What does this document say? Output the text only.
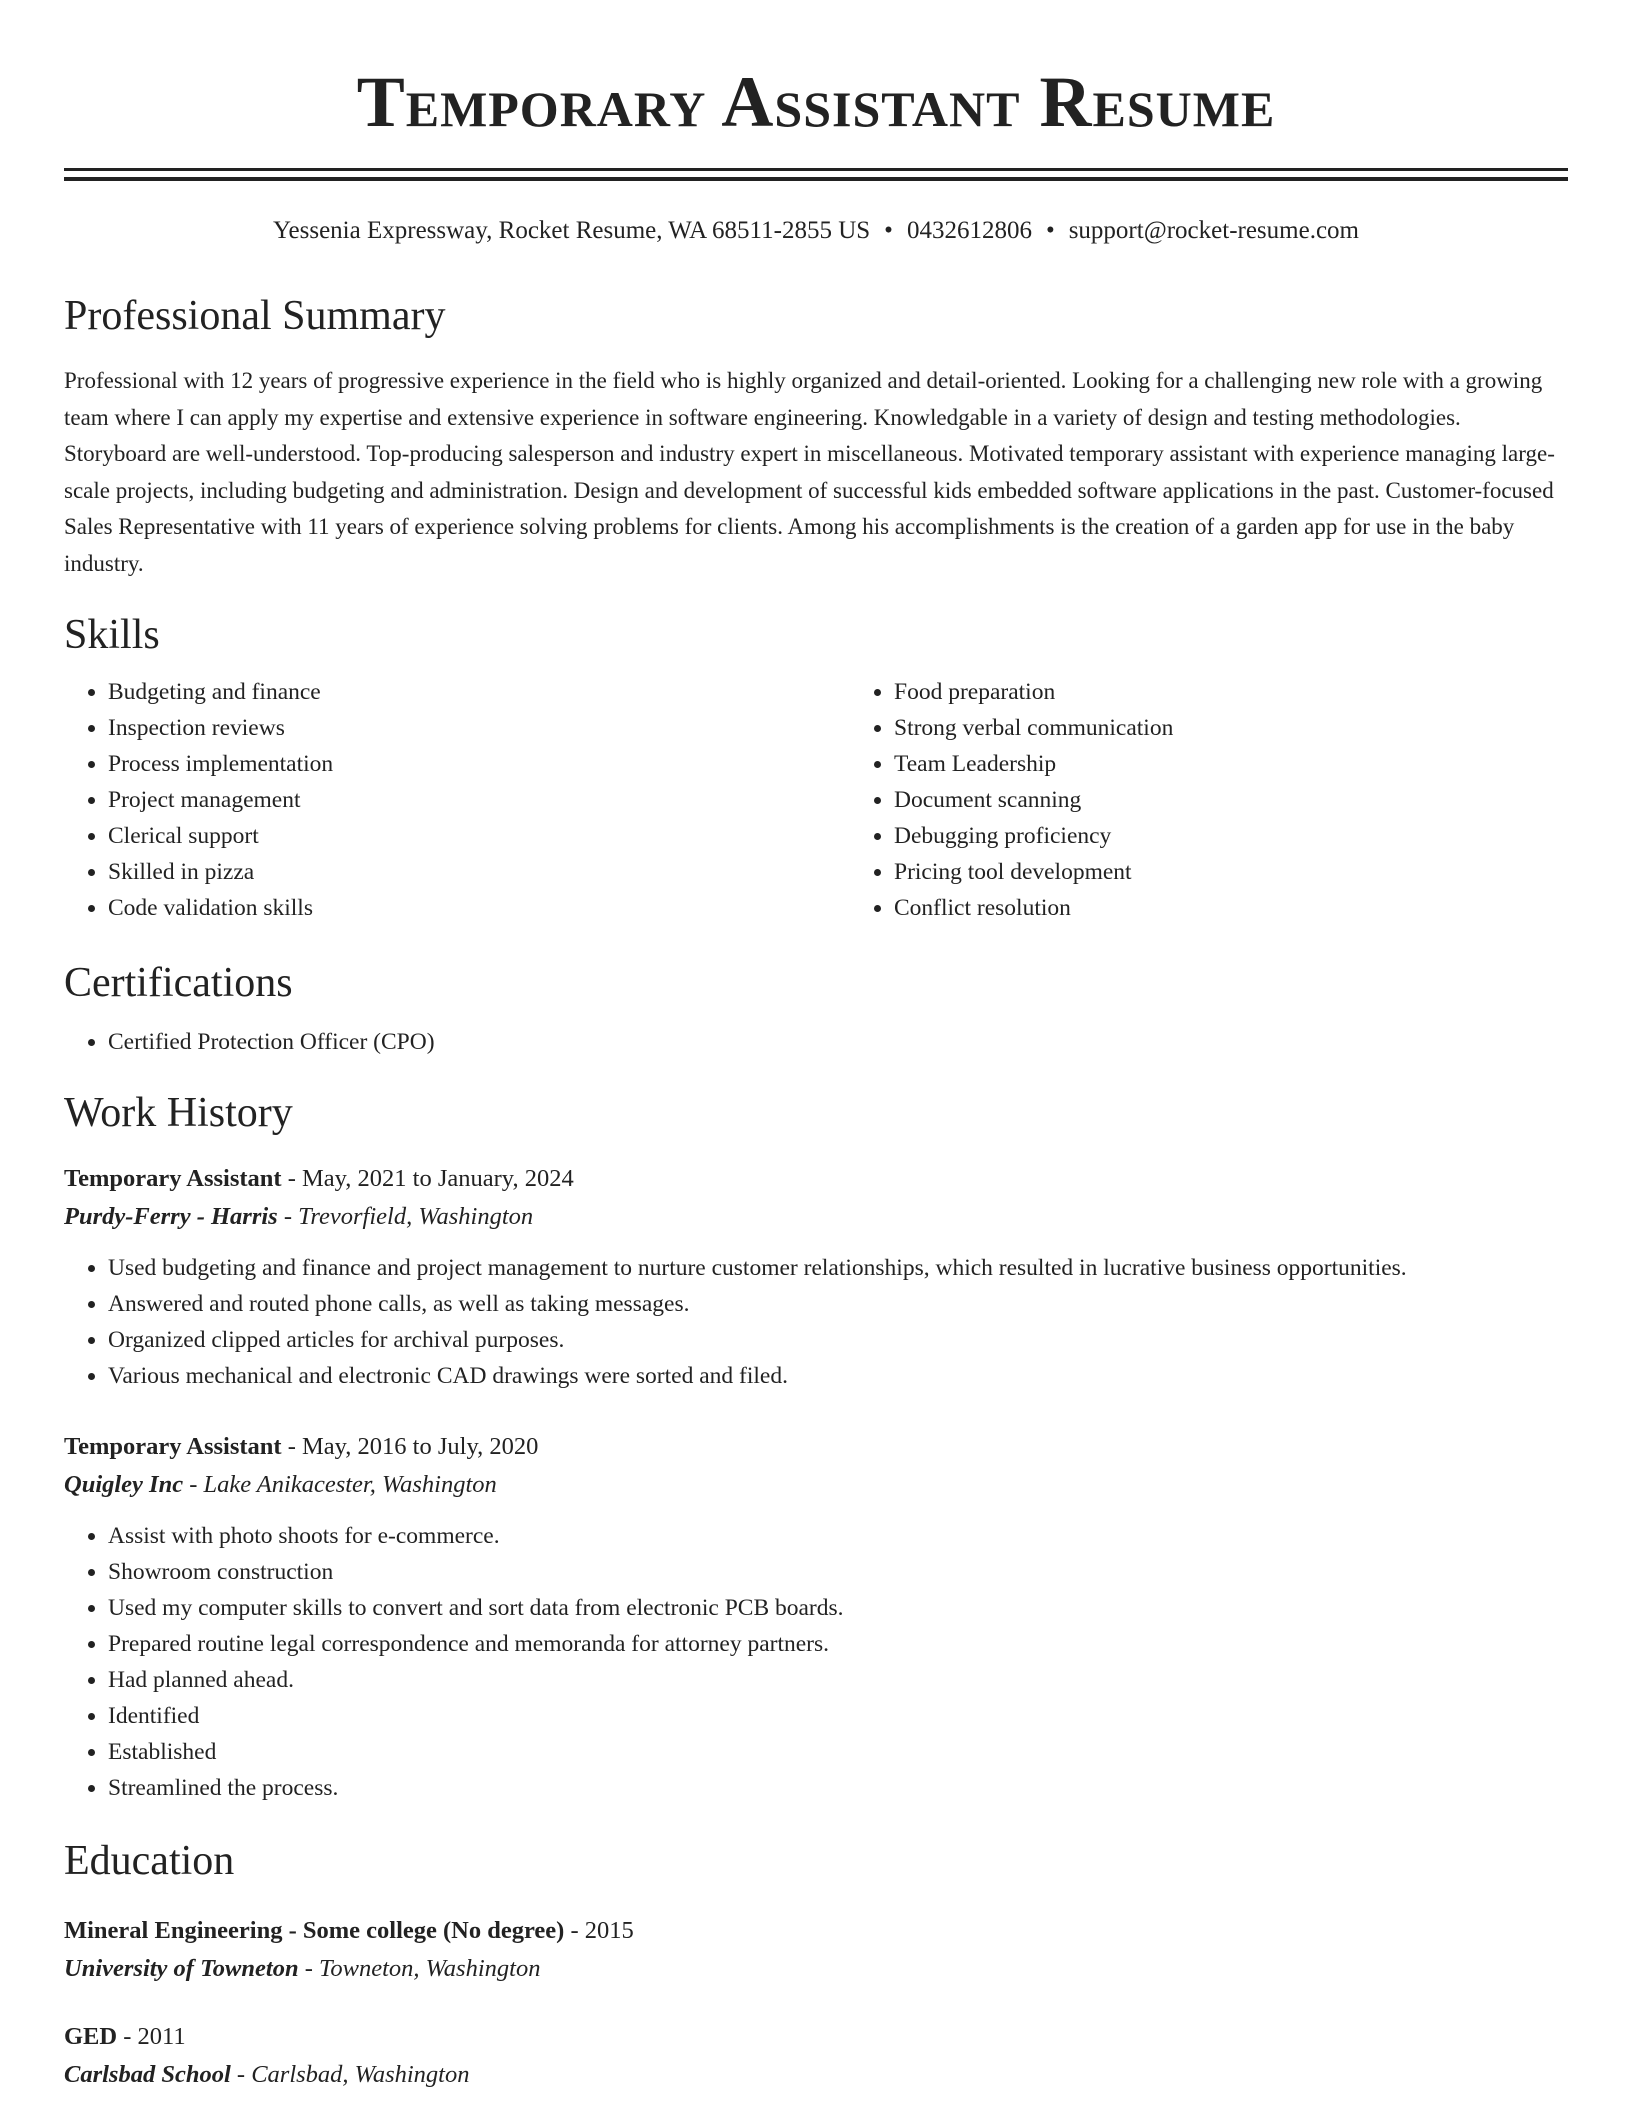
Temporary Assistant Resume
Yessenia Expressway, Rocket Resume, WA 68511-2855 US • 0432612806 • support@rocket-resume.com
Professional Summary

Professional with 12 years of progressive experience in the field who is highly organized and detail-oriented. Looking for a challenging new role with a growing team where I can apply my expertise and extensive experience in software engineering. Knowledgable in a variety of design and testing methodologies. Storyboard are well-understood. Top-producing salesperson and industry expert in miscellaneous. Motivated temporary assistant with experience managing large-scale projects, including budgeting and administration. Design and development of successful kids embedded software applications in the past. Customer-focused Sales Representative with 11 years of experience solving problems for clients. Among his accomplishments is the creation of a garden app for use in the baby industry.

Skills
• Budgeting and finance
• Inspection reviews
• Process implementation
• Project management
• Clerical support
• Skilled in pizza
• Code validation skills
• Food preparation
• Strong verbal communication
• Team Leadership
• Document scanning
• Debugging proficiency
• Pricing tool development
• Conflict resolution
Certifications
• Certified Protection Officer (CPO)
Work History
Temporary Assistant - May, 2021 to January, 2024
Purdy-Ferry - Harris - Trevorfield, Washington
• Used budgeting and finance and project management to nurture customer relationships, which resulted in lucrative business opportunities.
• Answered and routed phone calls, as well as taking messages.
• Organized clipped articles for archival purposes.
• Various mechanical and electronic CAD drawings were sorted and filed.
Temporary Assistant - May, 2016 to July, 2020
Quigley Inc - Lake Anikacester, Washington
• Assist with photo shoots for e-commerce.
• Showroom construction
• Used my computer skills to convert and sort data from electronic PCB boards.
• Prepared routine legal correspondence and memoranda for attorney partners.
• Had planned ahead.
• Identified
• Established
• Streamlined the process.
Education
Mineral Engineering - Some college (No degree) - 2015
University of Towneton - Towneton, Washington
GED - 2011
Carlsbad School - Carlsbad, Washington
